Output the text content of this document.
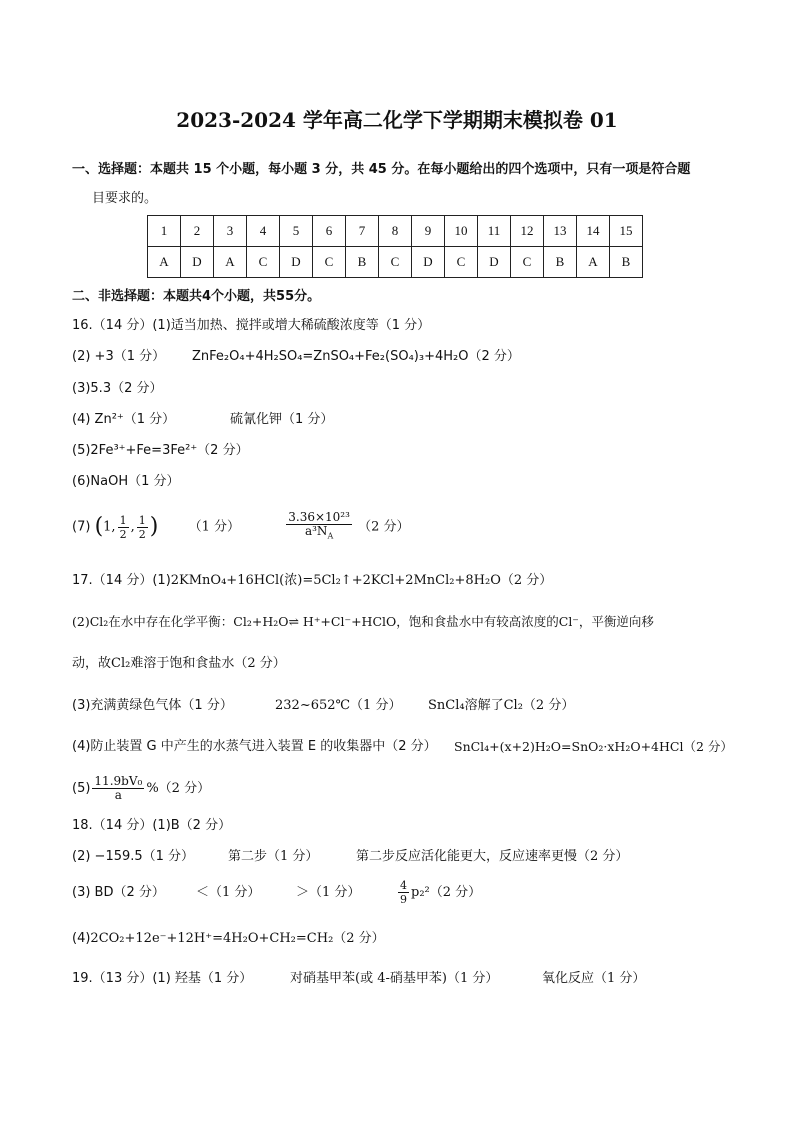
2023-2024 学年高二化学下学期期末模拟卷 01
一、选择题：本题共 15 个小题，每小题 3 分，共 45 分。在每小题给出的四个选项中，只有一项是符合题
目要求的。
1	2	3	4	5	6	7	8	9	10	11	12	13	14	15
A	D	A	C	D	C	B	C	D	C	D	C	B	A	B
二、非选择题：本题共4个小题，共55分。
16.（14 分）(1)适当加热、搅拌或增大稀硫酸浓度等（1 分）
(2) +3（1 分） ZnFe₂O₄+4H₂SO₄=ZnSO₄+Fe₂(SO₄)₃+4H₂O（2 分）
(3)5.3（2 分）
(4) Zn²⁺（1 分）	硫氰化钾（1 分）
(5)2Fe³⁺+Fe=3Fe²⁺（2 分）
(6)NaOH（1 分）
(7) (1, $\frac{1}{2}$ , $\frac{1}{2}$ ) （1 分）	$\frac{\text{3.36×10²³}}{a^3N_A} (2$ 分）
17.（14 分）(1)2KMnO₄+16HCl(浓)=5Cl₂↑+2KCl+2MnCl₂+8H₂O（2 分）
(2)Cl₂在水中存在化学平衡：Cl₂+H₂O⇌ H⁺+Cl⁻+HClO，饱和食盐水中有较高浓度的Cl⁻，平衡逆向移
动，故Cl₂难溶于饱和食盐水（2 分）
(3)充满黄绿色气体（1 分）	232~652℃（1 分） SnCl₄溶解了Cl₂（2 分）
(4)防止装置 G 中产生的水蒸气进入装置 E 的收集器中（2 分） SnCl₄+(x+2)H₂O=SnO₂·xH₂O+4HCl（2 分）
$(5) \frac{\text{11.9bV₀}}{a} \%(2$ 分）
18.（14 分）(1)B（2 分）
(2) −159.5（1 分）	第二步（1 分）	第二步反应活化能更大，反应速率更慢（2 分）
(3) BD（2 分） ＜（1 分）	＞（1 分）	$\frac{4}{9} p_2^2(2$ 分）
(4)2CO₂+12e⁻+12H⁺=4H₂O+CH₂=CH₂（2 分）
19.（13 分）(1) 羟基（1 分）	对硝基甲苯(或 4-硝基甲苯)（1 分）	氧化反应（1 分）
